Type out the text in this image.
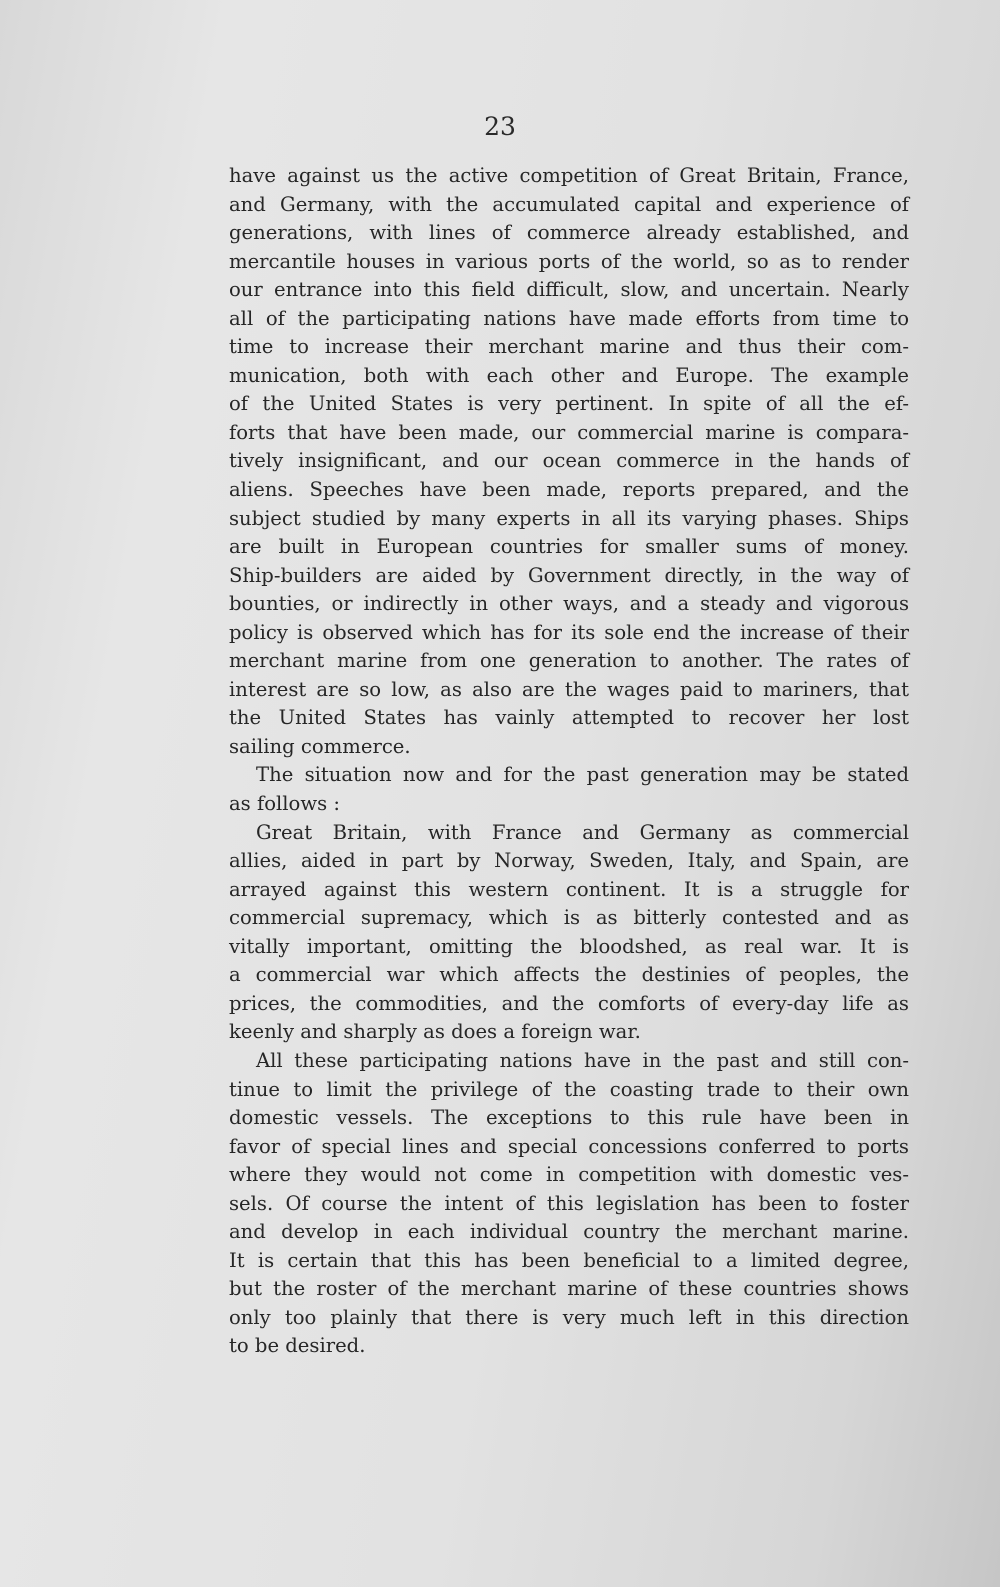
23
have against us the active competition of Great Britain, France,
and Germany, with the accumulated capital and experience of
generations, with lines of commerce already established, and
mercantile houses in various ports of the world, so as to render
our entrance into this field difficult, slow, and uncertain. Nearly
all of the participating nations have made efforts from time to
time to increase their merchant marine and thus their com-
munication, both with each other and Europe. The example
of the United States is very pertinent. In spite of all the ef-
forts that have been made, our commercial marine is compara-
tively insignificant, and our ocean commerce in the hands of
aliens. Speeches have been made, reports prepared, and the
subject studied by many experts in all its varying phases. Ships
are built in European countries for smaller sums of money.
Ship-builders are aided by Government directly, in the way of
bounties, or indirectly in other ways, and a steady and vigorous
policy is observed which has for its sole end the increase of their
merchant marine from one generation to another. The rates of
interest are so low, as also are the wages paid to mariners, that
the United States has vainly attempted to recover her lost
sailing commerce.
The situation now and for the past generation may be stated
as follows :
Great Britain, with France and Germany as commercial
allies, aided in part by Norway, Sweden, Italy, and Spain, are
arrayed against this western continent. It is a struggle for
commercial supremacy, which is as bitterly contested and as
vitally important, omitting the bloodshed, as real war. It is
a commercial war which affects the destinies of peoples, the
prices, the commodities, and the comforts of every-day life as
keenly and sharply as does a foreign war.
All these participating nations have in the past and still con-
tinue to limit the privilege of the coasting trade to their own
domestic vessels. The exceptions to this rule have been in
favor of special lines and special concessions conferred to ports
where they would not come in competition with domestic ves-
sels. Of course the intent of this legislation has been to foster
and develop in each individual country the merchant marine.
It is certain that this has been beneficial to a limited degree,
but the roster of the merchant marine of these countries shows
only too plainly that there is very much left in this direction
to be desired.
